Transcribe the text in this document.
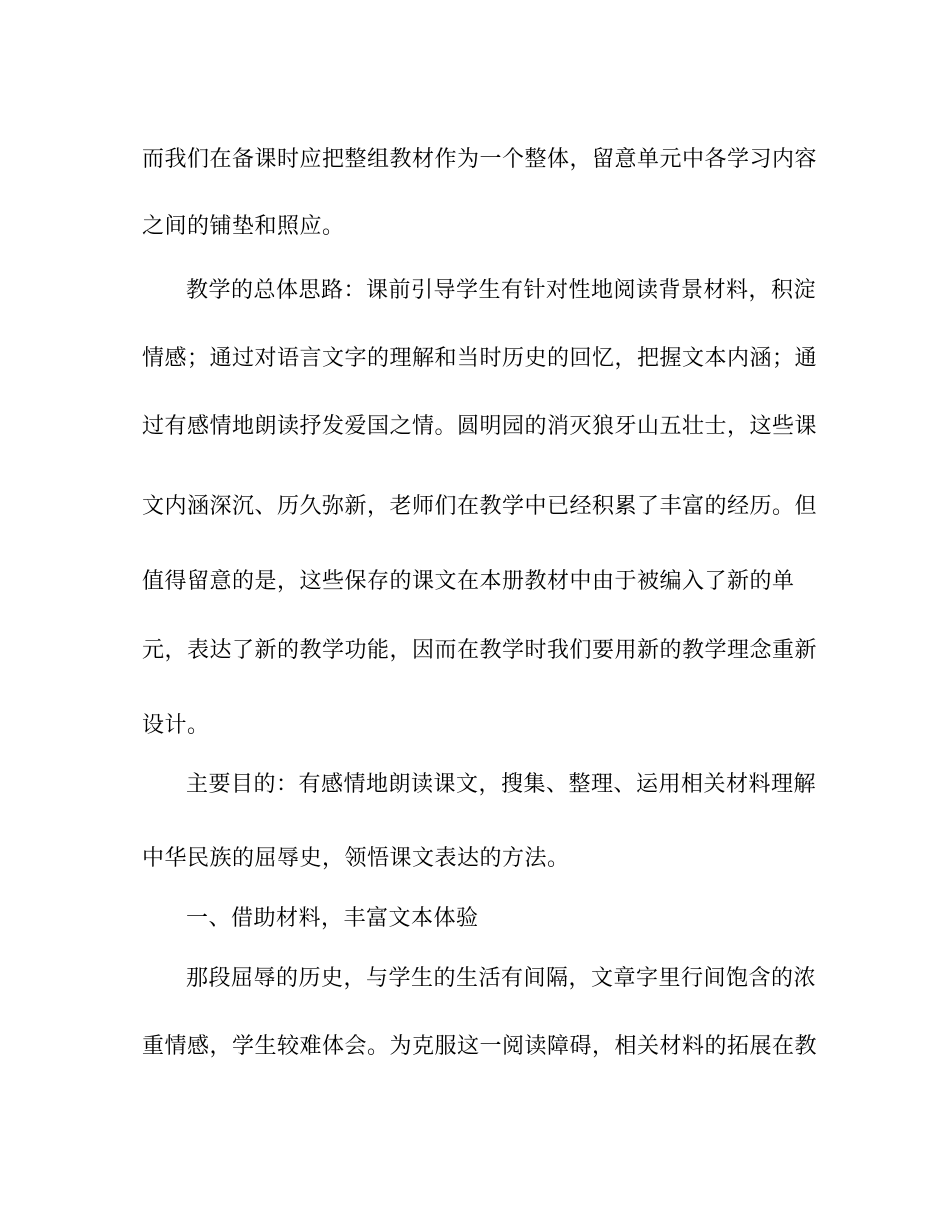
而我们在备课时应把整组教材作为一个整体，留意单元中各学习内容
之间的铺垫和照应。
教学的总体思路：课前引导学生有针对性地阅读背景材料，积淀
情感；通过对语言文字的理解和当时历史的回忆，把握文本内涵；通
过有感情地朗读抒发爱国之情。圆明园的消灭狼牙山五壮士，这些课
文内涵深沉、历久弥新，老师们在教学中已经积累了丰富的经历。但
值得留意的是，这些保存的课文在本册教材中由于被编入了新的单
元，表达了新的教学功能，因而在教学时我们要用新的教学理念重新
设计。
主要目的：有感情地朗读课文，搜集、整理、运用相关材料理解
中华民族的屈辱史，领悟课文表达的方法。
一、借助材料，丰富文本体验
那段屈辱的历史，与学生的生活有间隔，文章字里行间饱含的浓
重情感，学生较难体会。为克服这一阅读障碍，相关材料的拓展在教
